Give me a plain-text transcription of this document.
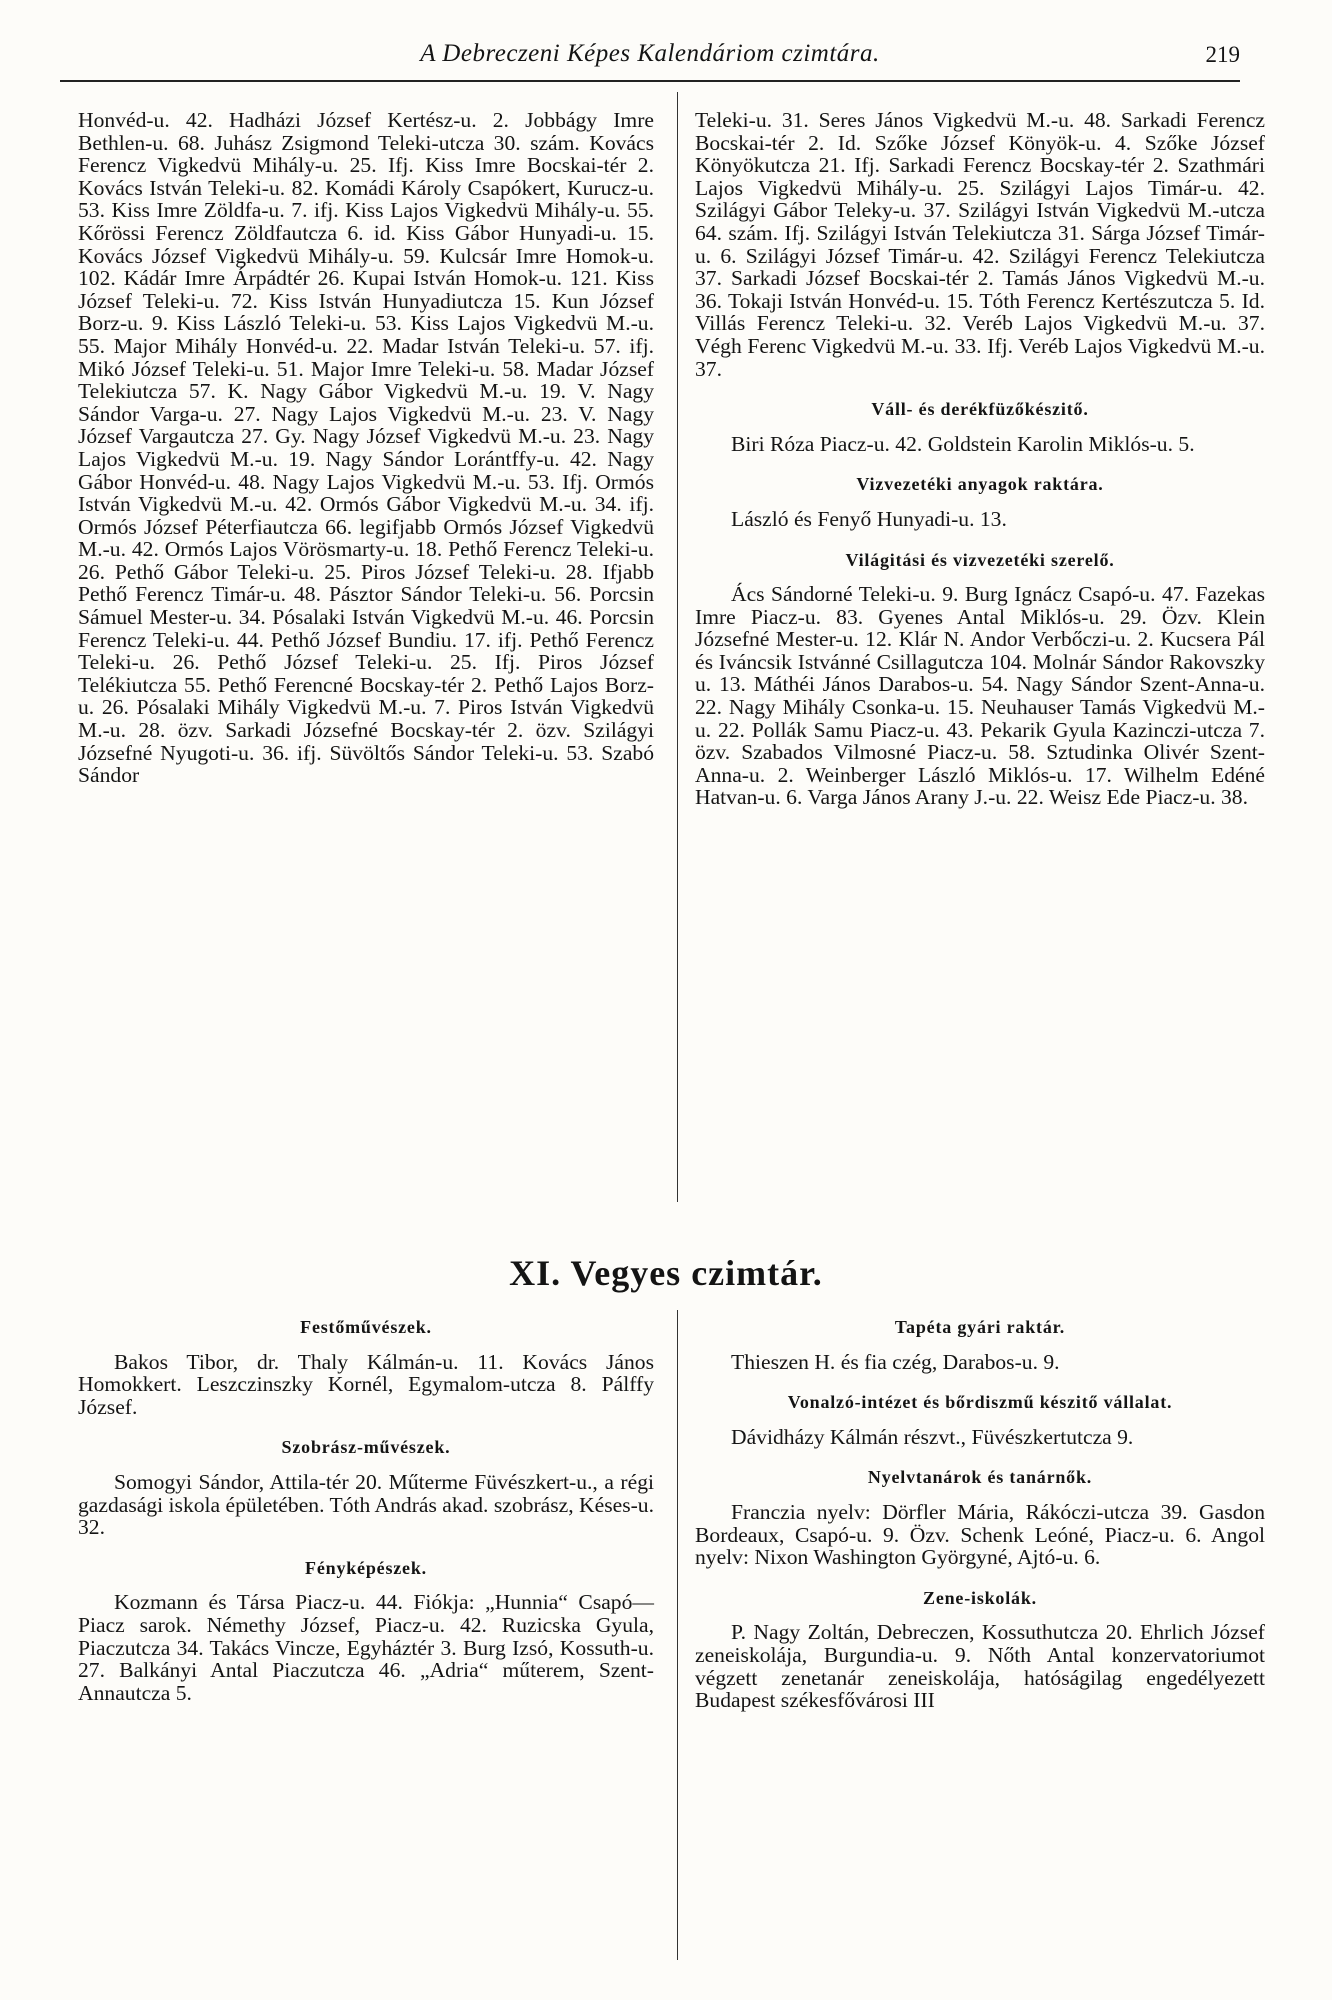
A Debreczeni Képes Kalendáriom czimtára.	219

Honvéd-u. 42. Hadházi József Kertész-u. 2. Jobbágy Imre Bethlen-u. 68. Juhász Zsigmond Teleki-utcza 30. szám. Kovács Ferencz Vigkedvü Mihály-u. 25. Ifj. Kiss Imre Bocskai-tér 2. Kovács István Teleki-u. 82. Komádi Károly Csapókert, Kurucz-u. 53. Kiss Imre Zöldfa-u. 7. ifj. Kiss Lajos Vigkedvü Mihály-u. 55. Kőrössi Ferencz Zöldfautcza 6. id. Kiss Gábor Hunyadi-u. 15. Kovács József Vigkedvü Mihály-u. 59. Kulcsár Imre Homok-u. 102. Kádár Imre Árpádtér 26. Kupai István Homok-u. 121. Kiss József Teleki-u. 72. Kiss István Hunyadiutcza 15. Kun József Borz-u. 9. Kiss László Teleki-u. 53. Kiss Lajos Vigkedvü M.-u. 55. Major Mihály Honvéd-u. 22. Madar István Teleki-u. 57. ifj. Mikó József Teleki-u. 51. Major Imre Teleki-u. 58. Madar József Telekiutcza 57. K. Nagy Gábor Vigkedvü M.-u. 19. V. Nagy Sándor Varga-u. 27. Nagy Lajos Vigkedvü M.-u. 23. V. Nagy József Vargautcza 27. Gy. Nagy József Vigkedvü M.-u. 23. Nagy Lajos Vigkedvü M.-u. 19. Nagy Sándor Lorántffy-u. 42. Nagy Gábor Honvéd-u. 48. Nagy Lajos Vigkedvü M.-u. 53. Ifj. Ormós István Vigkedvü M.-u. 42. Ormós Gábor Vigkedvü M.-u. 34. ifj. Ormós József Péterfiautcza 66. legifjabb Ormós József Vigkedvü M.-u. 42. Ormós Lajos Vörösmarty-u. 18. Pethő Ferencz Teleki-u. 26. Pethő Gábor Teleki-u. 25. Piros József Teleki-u. 28. Ifjabb Pethő Ferencz Timár-u. 48. Pásztor Sándor Teleki-u. 56. Porcsin Sámuel Mester-u. 34. Pósalaki István Vigkedvü M.-u. 46. Porcsin Ferencz Teleki-u. 44. Pethő József Bundiu. 17. ifj. Pethő Ferencz Teleki-u. 26. Pethő József Teleki-u. 25. Ifj. Piros József Telékiutcza 55. Pethő Ferencné Bocskay-tér 2. Pethő Lajos Borz-u. 26. Pósalaki Mihály Vigkedvü M.-u. 7. Piros István Vigkedvü M.-u. 28. özv. Sarkadi Józsefné Bocskay-tér 2. özv. Szilágyi Józsefné Nyugoti-u. 36. ifj. Süvöltős Sándor Teleki-u. 53. Szabó Sándor

Teleki-u. 31. Seres János Vigkedvü M.-u. 48. Sarkadi Ferencz Bocskai-tér 2. Id. Szőke József Könyök-u. 4. Szőke József Könyökutcza 21. Ifj. Sarkadi Ferencz Bocskay-tér 2. Szathmári Lajos Vigkedvü Mihály-u. 25. Szilágyi Lajos Timár-u. 42. Szilágyi Gábor Teleky-u. 37. Szilágyi István Vigkedvü M.-utcza 64. szám. Ifj. Szilágyi István Telekiutcza 31. Sárga József Timár-u. 6. Szilágyi József Timár-u. 42. Szilágyi Ferencz Telekiutcza 37. Sarkadi József Bocskai-tér 2. Tamás János Vigkedvü M.-u. 36. Tokaji István Honvéd-u. 15. Tóth Ferencz Kertészutcza 5. Id. Villás Ferencz Teleki-u. 32. Veréb Lajos Vigkedvü M.-u. 37. Végh Ferenc Vigkedvü M.-u. 33. Ifj. Veréb Lajos Vigkedvü M.-u. 37.

Váll- és derékfüzőkészitő.

Biri Róza Piacz-u. 42. Goldstein Karolin Miklós-u. 5.

Vizvezetéki anyagok raktára.

László és Fenyő Hunyadi-u. 13.

Világitási és vizvezetéki szerelő.

Ács Sándorné Teleki-u. 9. Burg Ignácz Csapó-u. 47. Fazekas Imre Piacz-u. 83. Gyenes Antal Miklós-u. 29. Özv. Klein Józsefné Mester-u. 12. Klár N. Andor Verbőczi-u. 2. Kucsera Pál és Iváncsik Istvánné Csillagutcza 104. Molnár Sándor Rakovszky u. 13. Máthéi János Darabos-u. 54. Nagy Sándor Szent-Anna-u. 22. Nagy Mihály Csonka-u. 15. Neuhauser Tamás Vigkedvü M.-u. 22. Pollák Samu Piacz-u. 43. Pekarik Gyula Kazinczi-utcza 7. özv. Szabados Vilmosné Piacz-u. 58. Sztudinka Olivér Szent-Anna-u. 2. Weinberger László Miklós-u. 17. Wilhelm Edéné Hatvan-u. 6. Varga János Arany J.-u. 22. Weisz Ede Piacz-u. 38.

XI. Vegyes czimtár.
Festőművészek.

Bakos Tibor, dr. Thaly Kálmán-u. 11. Kovács János Homokkert. Leszczinszky Kornél, Egymalom-utcza 8. Pálffy József.

Szobrász-művészek.

Somogyi Sándor, Attila-tér 20. Műterme Füvészkert-u., a régi gazdasági iskola épületében. Tóth András akad. szobrász, Késes-u. 32.

Fényképészek.

Kozmann és Társa Piacz-u. 44. Fiókja: „Hunnia“ Csapó—Piacz sarok. Némethy József, Piacz-u. 42. Ruzicska Gyula, Piaczutcza 34. Takács Vincze, Egyháztér 3. Burg Izsó, Kossuth-u. 27. Balkányi Antal Piaczutcza 46. „Adria“ műterem, Szent-Annautcza 5.

Tapéta gyári raktár.

Thieszen H. és fia czég, Darabos-u. 9.

Vonalzó-intézet és bőrdiszmű készitő vállalat.

Dávidházy Kálmán részvt., Füvészkertutcza 9.

Nyelvtanárok és tanárnők.

Franczia nyelv: Dörfler Mária, Rákóczi-utcza 39. Gasdon Bordeaux, Csapó-u. 9. Özv. Schenk Leóné, Piacz-u. 6. Angol nyelv: Nixon Washington Györgyné, Ajtó-u. 6.

Zene-iskolák.

P. Nagy Zoltán, Debreczen, Kossuthutcza 20. Ehrlich József zeneiskolája, Burgundia-u. 9. Nőth Antal konzervatoriumot végzett zenetanár zeneiskolája, hatóságilag engedélyezett Budapest székesfővárosi III
